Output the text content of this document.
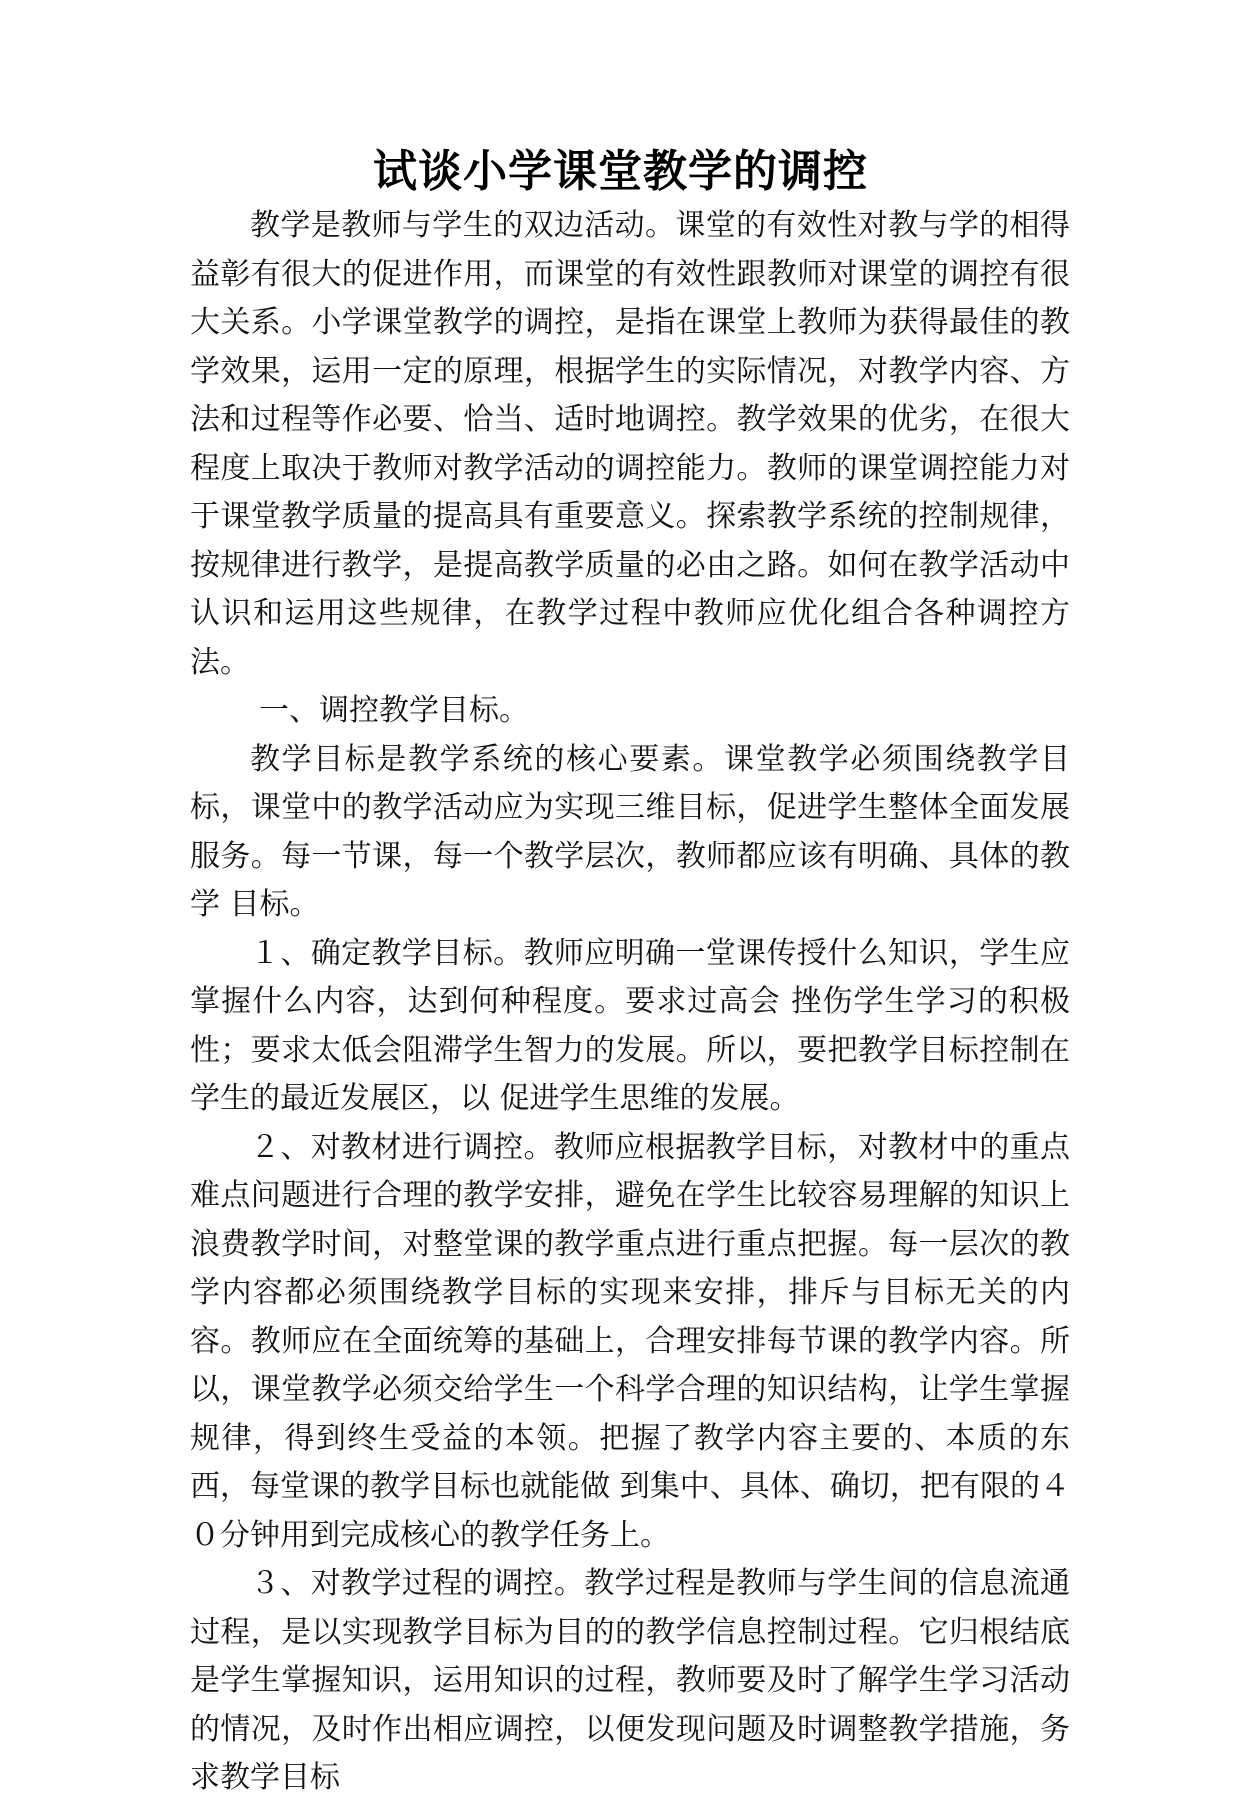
试谈小学课堂教学的调控

教学是教师与学生的双边活动。课堂的有效性对教与学的相得益彰有很大的促进作用，而课堂的有效性跟教师对课堂的调控有很大关系。小学课堂教学的调控，是指在课堂上教师为获得最佳的教学效果，运用一定的原理，根据学生的实际情况，对教学内容、方法和过程等作必要、恰当、适时地调控。教学效果的优劣，在很大程度上取决于教师对教学活动的调控能力。教师的课堂调控能力对于课堂教学质量的提高具有重要意义。探索教学系统的控制规律，按规律进行教学，是提高教学质量的必由之路。如何在教学活动中认识和运用这些规律，在教学过程中教师应优化组合各种调控方法。

一、调控教学目标。

教学目标是教学系统的核心要素。课堂教学必须围绕教学目标，课堂中的教学活动应为实现三维目标，促进学生整体全面发展服务。每一节课，每一个教学层次，教师都应该有明确、具体的教学 目标。

１、确定教学目标。教师应明确一堂课传授什么知识，学生应掌握什么内容，达到何种程度。要求过高会 挫伤学生学习的积极性；要求太低会阻滞学生智力的发展。所以，要把教学目标控制在学生的最近发展区，以 促进学生思维的发展。

２、对教材进行调控。教师应根据教学目标，对教材中的重点难点问题进行合理的教学安排，避免在学生比较容易理解的知识上浪费教学时间，对整堂课的教学重点进行重点把握。每一层次的教学内容都必须围绕教学目标的实现来安排，排斥与目标无关的内容。教师应在全面统筹的基础上，合理安排每节课的教学内容。所以，课堂教学必须交给学生一个科学合理的知识结构，让学生掌握规律，得到终生受益的本领。把握了教学内容主要的、本质的东西，每堂课的教学目标也就能做 到集中、具体、确切，把有限的４０分钟用到完成核心的教学任务上。

３、对教学过程的调控。教学过程是教师与学生间的信息流通过程，是以实现教学目标为目的的教学信息控制过程。它归根结底是学生掌握知识，运用知识的过程，教师要及时了解学生学习活动的情况，及时作出相应调控，以便发现问题及时调整教学措施，务求教学目标
